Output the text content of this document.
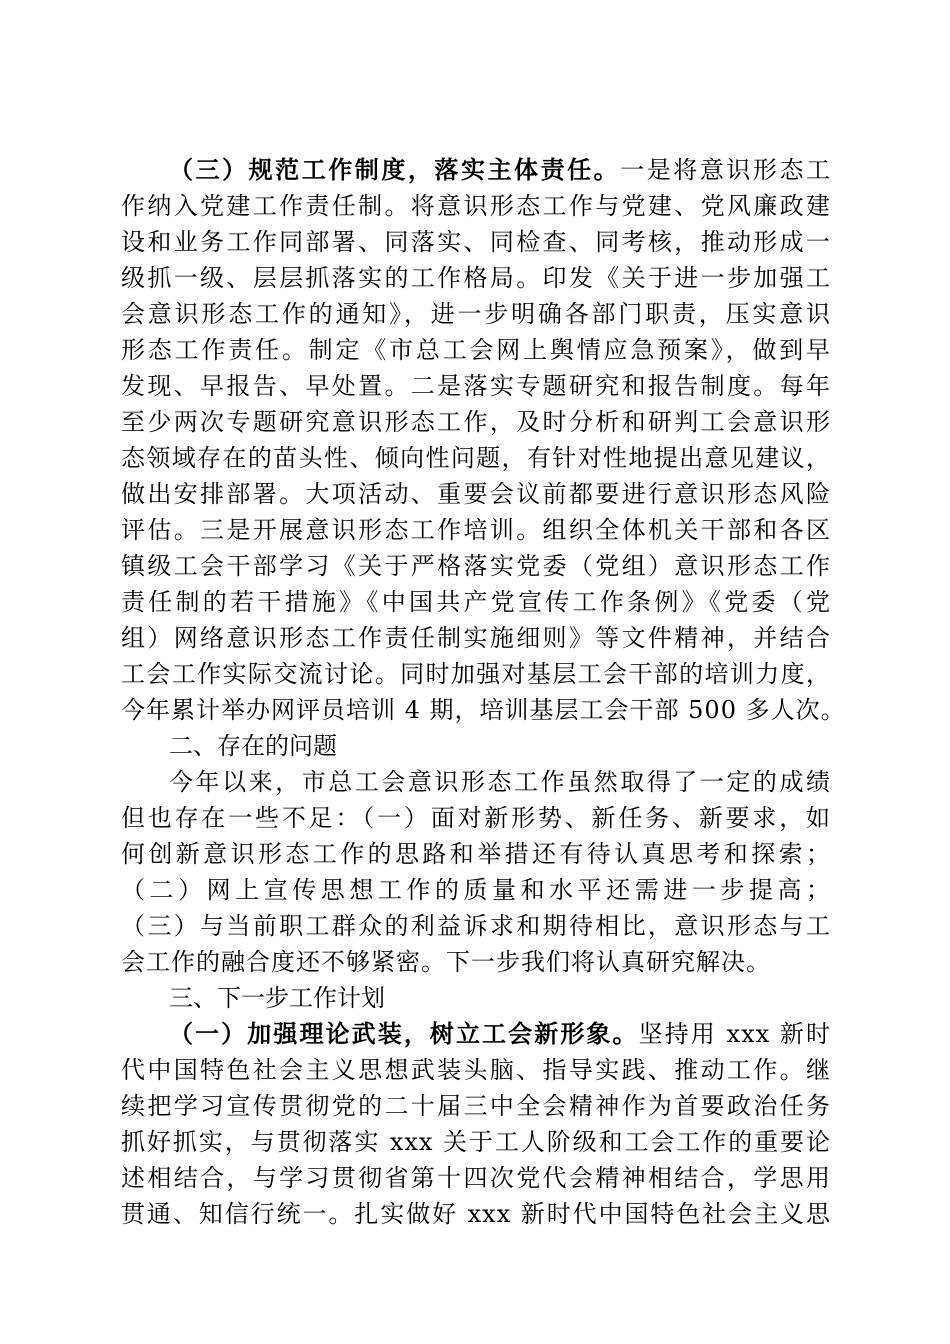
（三）规范工作制度，落实主体责任。一是将意识形态工
作纳入党建工作责任制。将意识形态工作与党建、党风廉政建
设和业务工作同部署、同落实、同检查、同考核，推动形成一
级抓一级、层层抓落实的工作格局。印发《关于进一步加强工
会意识形态工作的通知》，进一步明确各部门职责，压实意识
形态工作责任。制定《市总工会网上舆情应急预案》，做到早
发现、早报告、早处置。二是落实专题研究和报告制度。每年
至少两次专题研究意识形态工作，及时分析和研判工会意识形
态领域存在的苗头性、倾向性问题，有针对性地提出意见建议，
做出安排部署。大项活动、重要会议前都要进行意识形态风险
评估。三是开展意识形态工作培训。组织全体机关干部和各区
镇级工会干部学习《关于严格落实党委（党组）意识形态工作
责任制的若干措施》《中国共产党宣传工作条例》《党委（党
组）网络意识形态工作责任制实施细则》等文件精神，并结合
工会工作实际交流讨论。同时加强对基层工会干部的培训力度，
今年累计举办网评员培训 4 期，培训基层工会干部 500 多人次。
二、存在的问题
今年以来，市总工会意识形态工作虽然取得了一定的成绩
但也存在一些不足：（一）面对新形势、新任务、新要求，如
何创新意识形态工作的思路和举措还有待认真思考和探索；
（二）网上宣传思想工作的质量和水平还需进一步提高；
（三）与当前职工群众的利益诉求和期待相比，意识形态与工
会工作的融合度还不够紧密。下一步我们将认真研究解决。
三、下一步工作计划
（一）加强理论武装，树立工会新形象。坚持用 xxx 新时
代中国特色社会主义思想武装头脑、指导实践、推动工作。继
续把学习宣传贯彻党的二十届三中全会精神作为首要政治任务
抓好抓实，与贯彻落实 xxx 关于工人阶级和工会工作的重要论
述相结合，与学习贯彻省第十四次党代会精神相结合，学思用
贯通、知信行统一。扎实做好 xxx 新时代中国特色社会主义思
